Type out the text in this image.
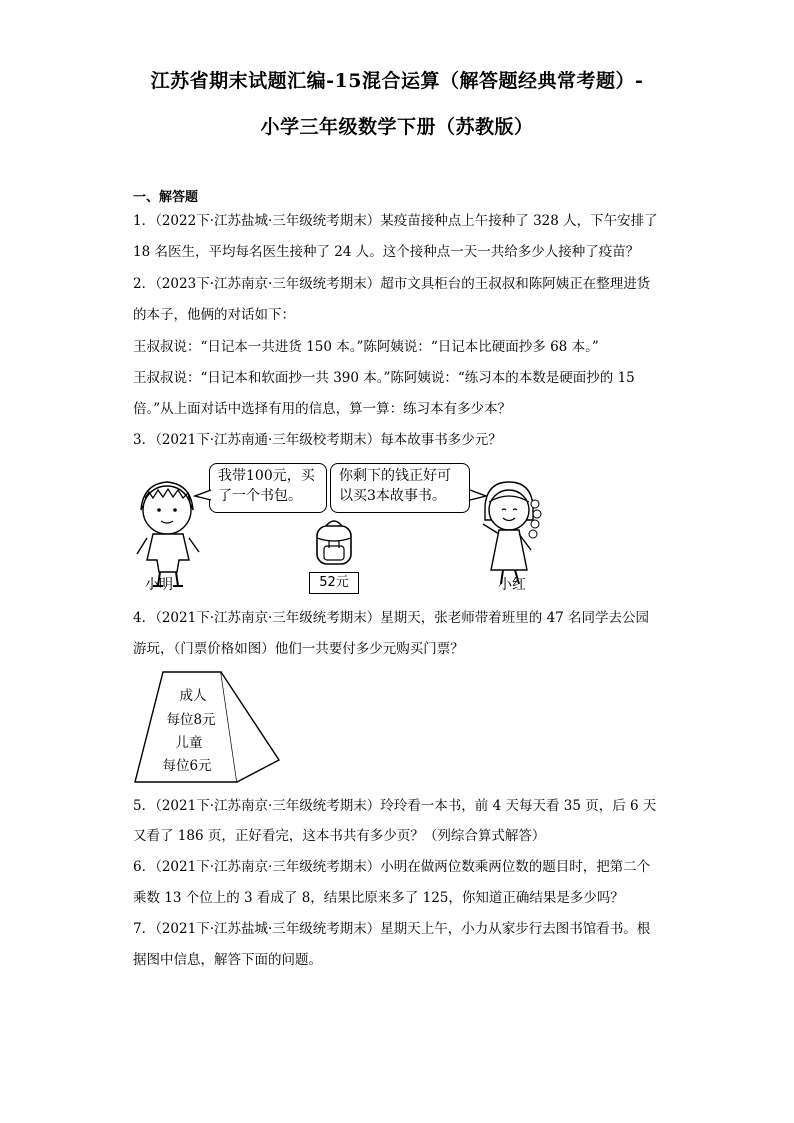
江苏省期末试题汇编-15混合运算（解答题经典常考题）-
小学三年级数学下册（苏教版）
一、解答题
1．（2022下·江苏盐城·三年级统考期末）某疫苗接种点上午接种了 328 人，下午安排了
18 名医生，平均每名医生接种了 24 人。这个接种点一天一共给多少人接种了疫苗？
2．（2023下·江苏南京·三年级统考期末）超市文具柜台的王叔叔和陈阿姨正在整理进货
的本子，他俩的对话如下：
王叔叔说：“日记本一共进货 150 本。”陈阿姨说：“日记本比硬面抄多 68 本。”
王叔叔说：“日记本和软面抄一共 390 本。”陈阿姨说：“练习本的本数是硬面抄的 15
倍。”从上面对话中选择有用的信息，算一算：练习本有多少本？
3．（2021下·江苏南通·三年级校考期末）每本故事书多少元？
小明
我带100元，买
了一个书包。
你剩下的钱正好可
以买3本故事书。
52元	小红
4．（2021下·江苏南京·三年级统考期末）星期天，张老师带着班里的 47 名同学去公园
游玩，（门票价格如图）他们一共要付多少元购买门票？
成人
每位8元
儿童
每位6元
5．（2021下·江苏南京·三年级统考期末）玲玲看一本书，前 4 天每天看 35 页，后 6 天
又看了 186 页，正好看完，这本书共有多少页？（列综合算式解答）
6．（2021下·江苏南京·三年级统考期末）小明在做两位数乘两位数的题目时，把第二个
乘数 13 个位上的 3 看成了 8，结果比原来多了 125，你知道正确结果是多少吗？
7．（2021下·江苏盐城·三年级统考期末）星期天上午，小力从家步行去图书馆看书。根
据图中信息，解答下面的问题。
